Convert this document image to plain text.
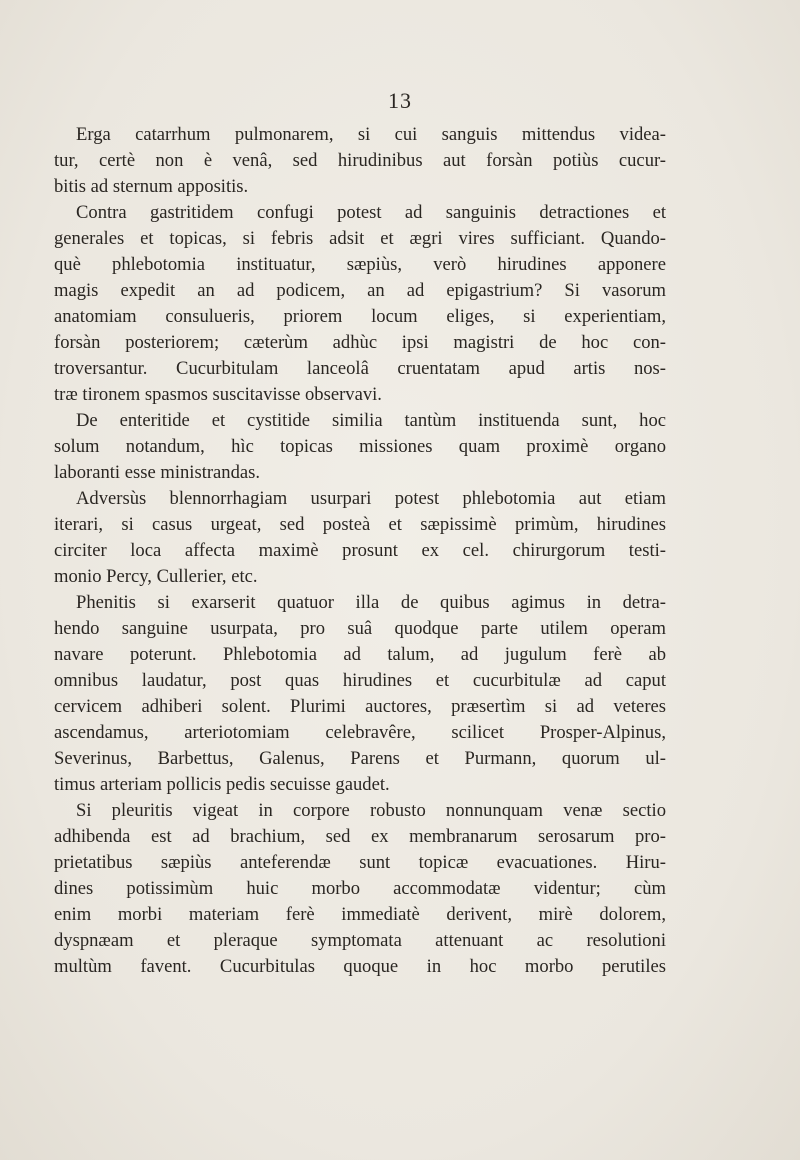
13
Erga catarrhum pulmonarem, si cui sanguis mittendus videa-
tur, certè non è venâ, sed hirudinibus aut forsàn potiùs cucur-
bitis ad sternum appositis.
Contra gastritidem confugi potest ad sanguinis detractiones et
generales et topicas, si febris adsit et ægri vires sufficiant. Quando-
què phlebotomia instituatur, sæpiùs, verò hirudines apponere
magis expedit an ad podicem, an ad epigastrium? Si vasorum
anatomiam consulueris, priorem locum eliges, si experientiam,
forsàn posteriorem; cæterùm adhùc ipsi magistri de hoc con-
troversantur. Cucurbitulam lanceolâ cruentatam apud artis nos-
træ tironem spasmos suscitavisse observavi.
De enteritide et cystitide similia tantùm instituenda sunt, hoc
solum notandum, hìc topicas missiones quam proximè organo
laboranti esse ministrandas.
Adversùs blennorrhagiam usurpari potest phlebotomia aut etiam
iterari, si casus urgeat, sed posteà et sæpissimè primùm, hirudines
circiter loca affecta maximè prosunt ex cel. chirurgorum testi-
monio Percy, Cullerier, etc.
Phenitis si exarserit quatuor illa de quibus agimus in detra-
hendo sanguine usurpata, pro suâ quodque parte utilem operam
navare poterunt. Phlebotomia ad talum, ad jugulum ferè ab
omnibus laudatur, post quas hirudines et cucurbitulæ ad caput
cervicem adhiberi solent. Plurimi auctores, præsertìm si ad veteres
ascendamus, arteriotomiam celebravêre, scilicet Prosper-Alpinus,
Severinus, Barbettus, Galenus, Parens et Purmann, quorum ul-
timus arteriam pollicis pedis secuisse gaudet.
Si pleuritis vigeat in corpore robusto nonnunquam venæ sectio
adhibenda est ad brachium, sed ex membranarum serosarum pro-
prietatibus sæpiùs anteferendæ sunt topicæ evacuationes. Hiru-
dines potissimùm huic morbo accommodatæ videntur; cùm
enim morbi materiam ferè immediatè derivent, mirè dolorem,
dyspnæam et pleraque symptomata attenuant ac resolutioni
multùm favent. Cucurbitulas quoque in hoc morbo perutiles
